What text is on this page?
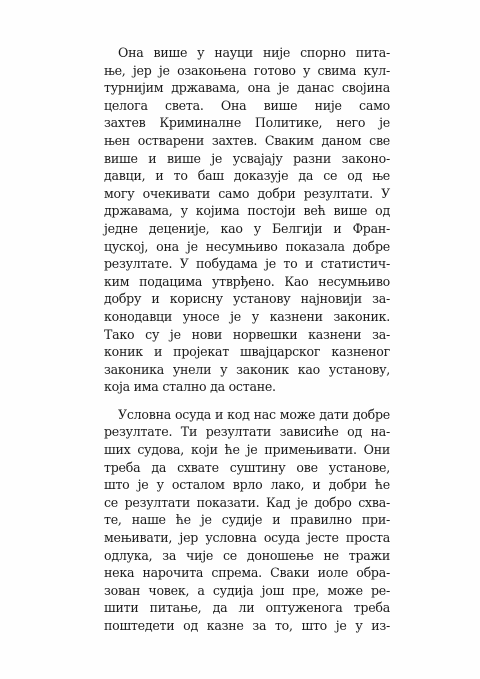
Она више у науци није спорно пита-
ње, јер је озакоњена готово у свима кул-
турнијим државама, она је данас својина
целога света. Она више није само
захтев Криминалне Политике, него је
њен остварени захтев. Сваким даном све
више и више је усвајају разни законо-
давци, и то баш доказује да се од ње
могу очекивати само добри резултати. У
државама, у којима постоји већ више од
једне деценије, као у Белгији и Фран-
цуској, она је несумњиво показала добре
резултате. У побудама је то и статистич-
ким подацима утврђено. Као несумњиво
добру и корисну установу најновији за-
конодавци уносе је у казнени законик.
Тако су је нови норвешки казнени за-
коник и пројекат швајцарског казненог
законика унели у законик као установу,
која има стално да остане.
Условна осуда и код нас може дати добре
резултате. Ти резултати зависиће од на-
ших судова, који ће је примењивати. Они
треба да схвате суштину ове установе,
што је у осталом врло лако, и добри ће
се резултати показати. Кад је добро схва-
те, наше ће је судије и правилно при-
мењивати, јер условна осуда јесте проста
одлука, за чије се доношење не тражи
нека нарочита спрема. Сваки иоле обра-
зован човек, а судија још пре, може ре-
шити питање, да ли оптуженога треба
поштедети од казне за то, што је у из-
